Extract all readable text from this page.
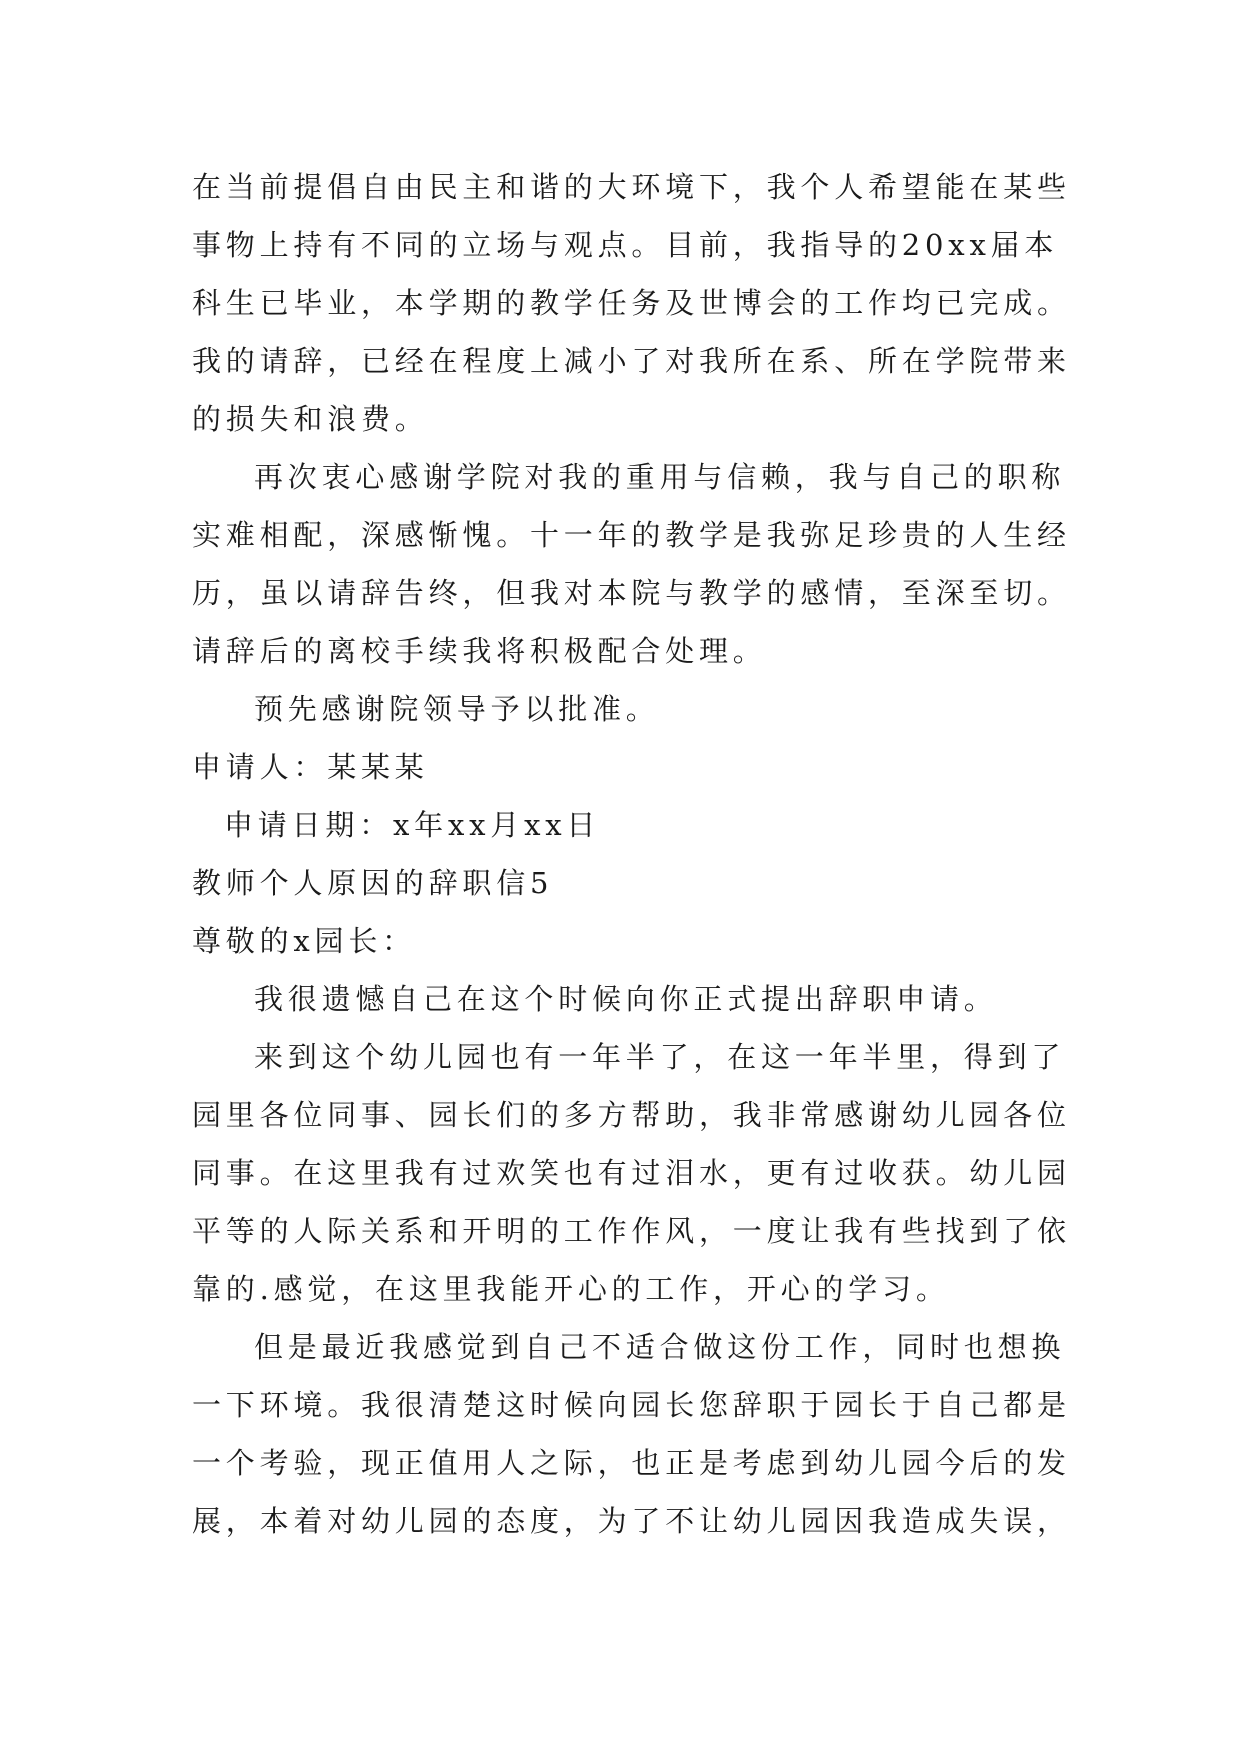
在当前提倡自由民主和谐的大环境下，我个人希望能在某些
事物上持有不同的立场与观点。目前，我指导的20xx届本
科生已毕业，本学期的教学任务及世博会的工作均已完成。
我的请辞，已经在程度上减小了对我所在系、所在学院带来
的损失和浪费。
再次衷心感谢学院对我的重用与信赖，我与自己的职称
实难相配，深感惭愧。十一年的教学是我弥足珍贵的人生经
历，虽以请辞告终，但我对本院与教学的感情，至深至切。
请辞后的离校手续我将积极配合处理。
预先感谢院领导予以批准。
申请人：某某某
申请日期：x年xx月xx日
教师个人原因的辞职信5
尊敬的x园长：
我很遗憾自己在这个时候向你正式提出辞职申请。
来到这个幼儿园也有一年半了，在这一年半里，得到了
园里各位同事、园长们的多方帮助，我非常感谢幼儿园各位
同事。在这里我有过欢笑也有过泪水，更有过收获。幼儿园
平等的人际关系和开明的工作作风，一度让我有些找到了依
靠的.感觉，在这里我能开心的工作，开心的学习。
但是最近我感觉到自己不适合做这份工作，同时也想换
一下环境。我很清楚这时候向园长您辞职于园长于自己都是
一个考验，现正值用人之际，也正是考虑到幼儿园今后的发
展，本着对幼儿园的态度，为了不让幼儿园因我造成失误，
